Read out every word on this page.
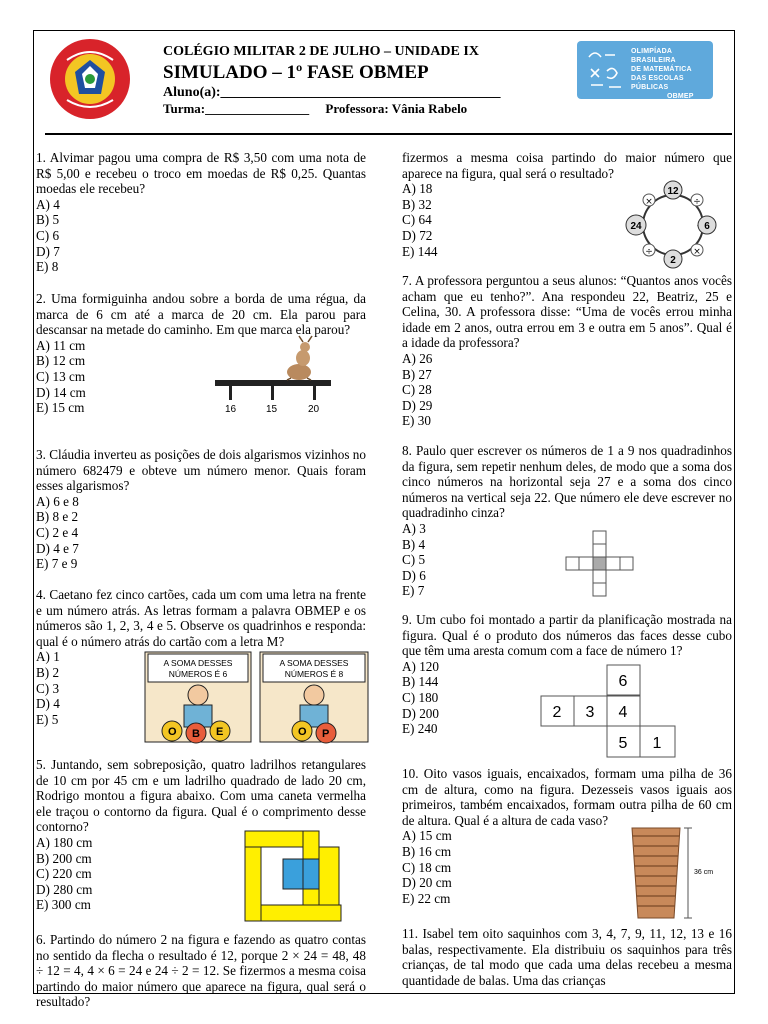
OLIMPÍADA BRASILEIRA
DE MATEMÁTICA
DAS ESCOLAS PÚBLICAS
OBMEP
COLÉGIO MILITAR 2 DE JULHO – UNIDADE IX
SIMULADO – 1º FASE OBMEP
Aluno(a):________________________________________
Turma:________________ Professora: Vânia Rabelo

1. Alvimar pagou uma compra de R$ 3,50 com uma nota de R$ 5,00 e recebeu o troco em moedas de R$ 0,25. Quantas moedas ele recebeu?

A) 4
B) 5
C) 6
D) 7
E) 8

2. Uma formiguinha andou sobre a borda de uma régua, da marca de 6 cm até a marca de 20 cm. Ela parou para descansar na metade do caminho. Em que marca ela parou?

A) 11 cm
B) 12 cm
C) 13 cm
D) 14 cm
E) 15 cm

3. Cláudia inverteu as posições de dois algarismos vizinhos no número 682479 e obteve um número menor. Quais foram esses algarismos?

A) 6 e 8
B) 8 e 2
C) 2 e 4
D) 4 e 7
E) 7 e 9

4. Caetano fez cinco cartões, cada um com uma letra na frente e um número atrás. As letras formam a palavra OBMEP e os números são 1, 2, 3, 4 e 5. Observe os quadrinhos e responda: qual é o número atrás do cartão com a letra M?

A) 1
B) 2
C) 3
D) 4
E) 5

5. Juntando, sem sobreposição, quatro ladrilhos retangulares de 10 cm por 45 cm e um ladrilho quadrado de lado 20 cm, Rodrigo montou a figura abaixo. Com uma caneta vermelha ele traçou o contorno da figura. Qual é o comprimento desse contorno?

A) 180 cm
B) 200 cm
C) 220 cm
D) 280 cm
E) 300 cm

6. Partindo do número 2 na figura e fazendo as quatro contas no sentido da flecha o resultado é 12, porque 2 × 24 = 48, 48 ÷ 12 = 4, 4 × 6 = 24 e 24 ÷ 2 = 12. Se fizermos a mesma coisa partindo do maior número que aparece na figura, qual será o resultado?

16	15	20
A SOMA DESSES NÚMEROS É 6
A SOMA DESSES NÚMEROS É 8
O B E	O P

fizermos a mesma coisa partindo do maior número que aparece na figura, qual será o resultado?

A) 18
B) 32
C) 64
D) 72
E) 144

7. A professora perguntou a seus alunos: “Quantos anos vocês acham que eu tenho?”. Ana respondeu 22, Beatriz, 25 e Celina, 30. A professora disse: “Uma de vocês errou minha idade em 2 anos, outra errou em 3 e outra em 5 anos”. Qual é a idade da professora?

A) 26
B) 27
C) 28
D) 29
E) 30

8. Paulo quer escrever os números de 1 a 9 nos quadradinhos da figura, sem repetir nenhum deles, de modo que a soma dos cinco números na horizontal seja 27 e a soma dos cinco números na vertical seja 22. Que número ele deve escrever no quadradinho cinza?

A) 3
B) 4
C) 5
D) 6
E) 7

9. Um cubo foi montado a partir da planificação mostrada na figura. Qual é o produto dos números das faces desse cubo que têm uma aresta comum com a face de número 1?

A) 120
B) 144
C) 180
D) 200
E) 240

10. Oito vasos iguais, encaixados, formam uma pilha de 36 cm de altura, como na figura. Dezesseis vasos iguais aos primeiros, também encaixados, formam outra pilha de 60 cm de altura. Qual é a altura de cada vaso?

A) 15 cm
B) 16 cm
C) 18 cm
D) 20 cm
E) 22 cm

11. Isabel tem oito saquinhos com 3, 4, 7, 9, 11, 12, 13 e 16 balas, respectivamente. Ela distribuiu os saquinhos para três crianças, de tal modo que cada uma delas recebeu a mesma quantidade de balas. Uma das crianças

12
6
2
24
÷
×
÷
×
6
2 3 4
5 1
36 cm
